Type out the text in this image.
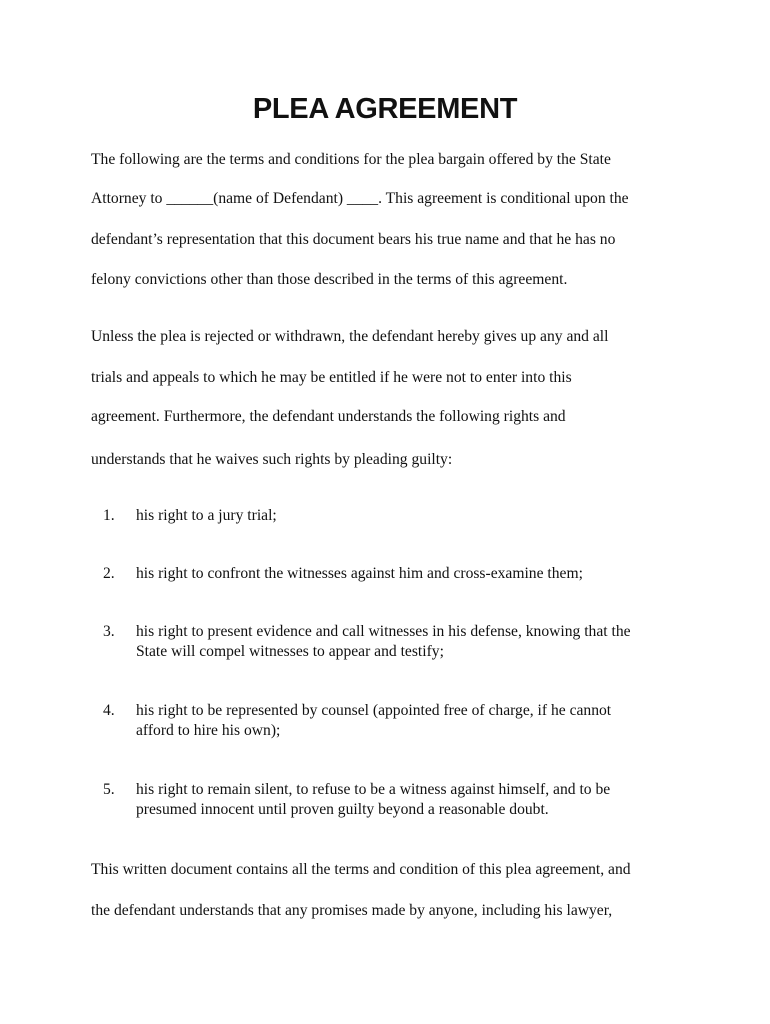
PLEA AGREEMENT
The following are the terms and conditions for the plea bargain offered by the State
Attorney to ______(name of Defendant) ____. This agreement is conditional upon the
defendant’s representation that this document bears his true name and that he has no
felony convictions other than those described in the terms of this agreement.
Unless the plea is rejected or withdrawn, the defendant hereby gives up any and all
trials and appeals to which he may be entitled if he were not to enter into this
agreement. Furthermore, the defendant understands the following rights and
understands that he waives such rights by pleading guilty:
1. his right to a jury trial;
2. his right to confront the witnesses against him and cross-examine them;
3. his right to present evidence and call witnesses in his defense, knowing that the
State will compel witnesses to appear and testify;
4. his right to be represented by counsel (appointed free of charge, if he cannot
afford to hire his own);
5. his right to remain silent, to refuse to be a witness against himself, and to be
presumed innocent until proven guilty beyond a reasonable doubt.
This written document contains all the terms and condition of this plea agreement, and
the defendant understands that any promises made by anyone, including his lawyer,
